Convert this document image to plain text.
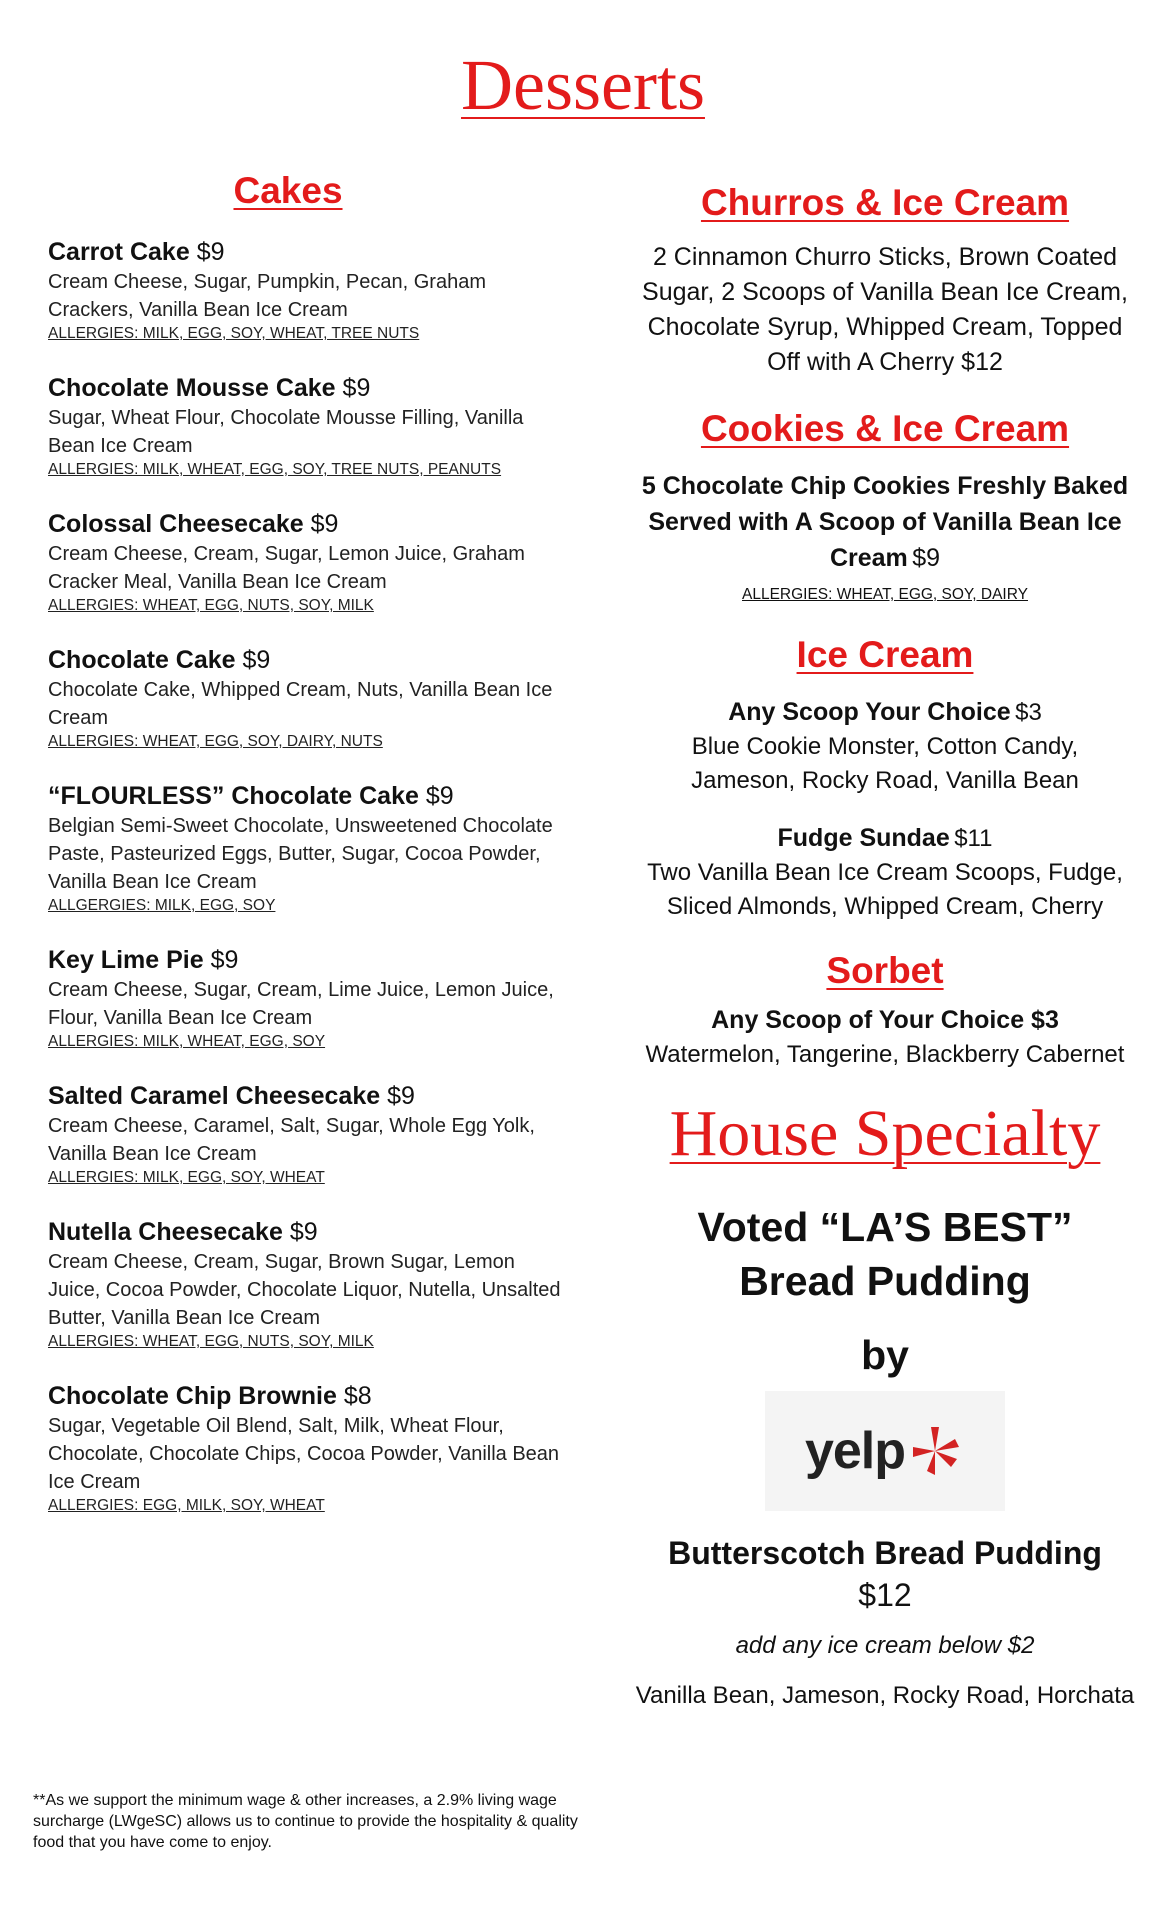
Desserts
Cakes
Carrot Cake $9
Cream Cheese, Sugar, Pumpkin, Pecan, Graham Crackers, Vanilla Bean Ice Cream
ALLERGIES: MILK, EGG, SOY, WHEAT, TREE NUTS
Chocolate Mousse Cake $9
Sugar, Wheat Flour, Chocolate Mousse Filling, Vanilla Bean Ice Cream
ALLERGIES: MILK, WHEAT, EGG, SOY, TREE NUTS, PEANUTS
Colossal Cheesecake $9
Cream Cheese, Cream, Sugar, Lemon Juice, Graham Cracker Meal, Vanilla Bean Ice Cream
ALLERGIES: WHEAT, EGG, NUTS, SOY, MILK
Chocolate Cake $9
Chocolate Cake, Whipped Cream, Nuts, Vanilla Bean Ice Cream
ALLERGIES: WHEAT, EGG, SOY, DAIRY, NUTS
“FLOURLESS” Chocolate Cake $9
Belgian Semi-Sweet Chocolate, Unsweetened Chocolate Paste, Pasteurized Eggs, Butter, Sugar, Cocoa Powder, Vanilla Bean Ice Cream
ALLGERGIES: MILK, EGG, SOY
Key Lime Pie $9
Cream Cheese, Sugar, Cream, Lime Juice, Lemon Juice, Flour, Vanilla Bean Ice Cream
ALLERGIES: MILK, WHEAT, EGG, SOY
Salted Caramel Cheesecake $9
Cream Cheese, Caramel, Salt, Sugar, Whole Egg Yolk, Vanilla Bean Ice Cream
ALLERGIES: MILK, EGG, SOY, WHEAT
Nutella Cheesecake $9
Cream Cheese, Cream, Sugar, Brown Sugar, Lemon Juice, Cocoa Powder, Chocolate Liquor, Nutella, Unsalted Butter, Vanilla Bean Ice Cream
ALLERGIES: WHEAT, EGG, NUTS, SOY, MILK
Chocolate Chip Brownie $8
Sugar, Vegetable Oil Blend, Salt, Milk, Wheat Flour, Chocolate, Chocolate Chips, Cocoa Powder, Vanilla Bean Ice Cream
ALLERGIES: EGG, MILK, SOY, WHEAT
Churros & Ice Cream
2 Cinnamon Churro Sticks, Brown Coated Sugar, 2 Scoops of Vanilla Bean Ice Cream, Chocolate Syrup, Whipped Cream, Topped Off with A Cherry $12
Cookies & Ice Cream
5 Chocolate Chip Cookies Freshly Baked Served with A Scoop of Vanilla Bean Ice Cream $9
ALLERGIES: WHEAT, EGG, SOY, DAIRY
Ice Cream
Any Scoop Your Choice $3
Blue Cookie Monster, Cotton Candy, Jameson, Rocky Road, Vanilla Bean
Fudge Sundae $11
Two Vanilla Bean Ice Cream Scoops, Fudge, Sliced Almonds, Whipped Cream, Cherry
Sorbet
Any Scoop of Your Choice $3
Watermelon, Tangerine, Blackberry Cabernet
House Specialty
Voted “LA’S BEST” Bread Pudding
by
yelp
Butterscotch Bread Pudding
$12
add any ice cream below $2
Vanilla Bean, Jameson, Rocky Road, Horchata
**As we support the minimum wage & other increases, a 2.9% living wage surcharge (LWgeSC) allows us to continue to provide the hospitality & quality food that you have come to enjoy.
